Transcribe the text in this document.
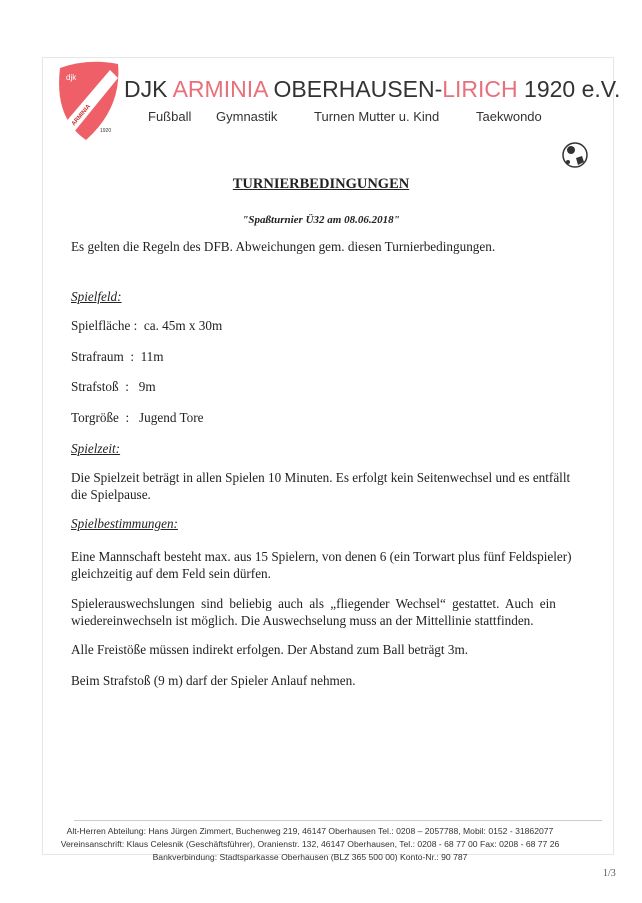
djk
ARMINIA
1920
DJK ARMINIA OBERHAUSEN-LIRICH 1920 e.V.
Fußball Gymnastik	Turnen Mutter u. Kind	Taekwondo
TURNIERBEDINGUNGEN
"Spaßturnier Ü32 am 08.06.2018"
Es gelten die Regeln des DFB. Abweichungen gem. diesen Turnierbedingungen.
Spielfeld:
Spielfläche :  ca. 45m x 30m
Strafraum  :  11m
Strafstoß  :   9m
Torgröße  :   Jugend Tore
Spielzeit:
Die Spielzeit beträgt in allen Spielen 10 Minuten. Es erfolgt kein Seitenwechsel und es entfällt
die Spielpause.
Spielbestimmungen:
Eine Mannschaft besteht max. aus 15 Spielern, von denen 6 (ein Torwart plus fünf Feldspieler)
gleichzeitig auf dem Feld sein dürfen.
Spielerauswechslungen sind beliebig auch als „fliegender Wechsel“ gestattet. Auch ein
wiedereinwechseln ist möglich. Die Auswechselung muss an der Mittellinie stattfinden.
Alle Freistöße müssen indirekt erfolgen. Der Abstand zum Ball beträgt 3m.
Beim Strafstoß (9 m) darf der Spieler Anlauf nehmen.
Alt-Herren Abteilung: Hans Jürgen Zimmert, Buchenweg 219, 46147 Oberhausen Tel.: 0208 – 2057788, Mobil: 0152 - 31862077
Vereinsanschrift: Klaus Celesnik (Geschäftsführer), Oranienstr. 132, 46147 Oberhausen, Tel.: 0208 - 68 77 00 Fax: 0208 - 68 77 26
Bankverbindung: Stadtsparkasse Oberhausen (BLZ 365 500 00) Konto-Nr.: 90 787
1/3
